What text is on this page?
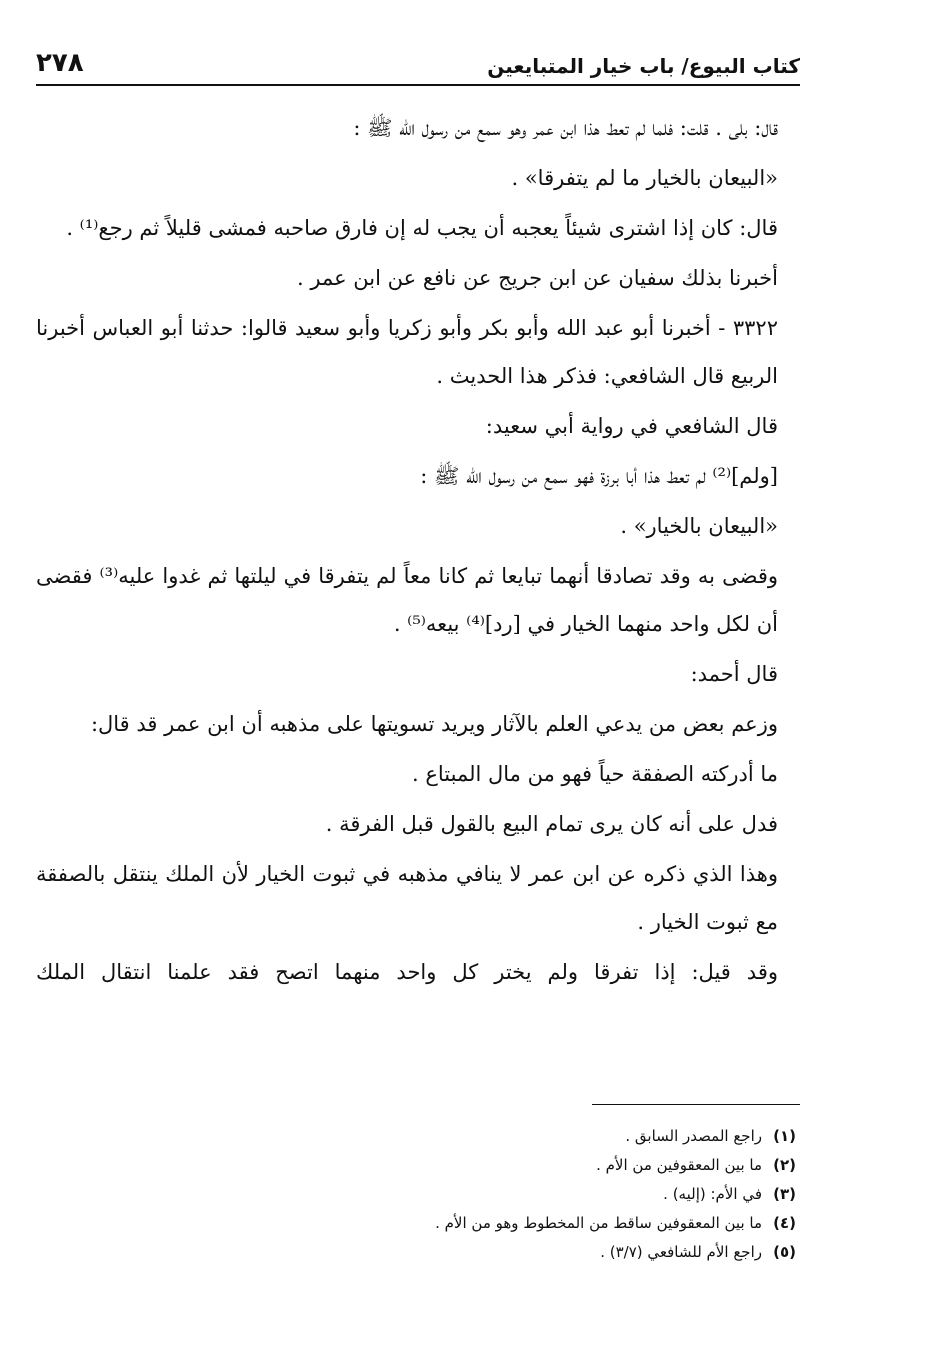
كتاب البيوع/ باب خيار المتبايعين
٢٧٨

قال: بلى . قلت: فلما لم تعط هذا ابن عمر وهو سمع من رسول الله ﷺ :

«البيعان بالخيار ما لم يتفرقا» .

قال: كان إذا اشترى شيئاً يعجبه أن يجب له إن فارق صاحبه فمشى قليلاً ثم رجع⁽¹⁾ .

أخبرنا بذلك سفيان عن ابن جريج عن نافع عن ابن عمر .

٣٣٢٢ - أخبرنا أبو عبد الله وأبو بكر وأبو زكريا وأبو سعيد قالوا: حدثنا أبو العباس أخبرنا الربيع قال الشافعي: فذكر هذا الحديث .

قال الشافعي في رواية أبي سعيد:

[ولم]⁽²⁾ لم تعط هذا أبا برزة فهو سمع من رسول الله ﷺ :

«البيعان بالخيار» .

وقضى به وقد تصادقا أنهما تبايعا ثم كانا معاً لم يتفرقا في ليلتها ثم غدوا عليه⁽³⁾ فقضى أن لكل واحد منهما الخيار في [رد]⁽⁴⁾ بيعه⁽⁵⁾ .

قال أحمد:

وزعم بعض من يدعي العلم بالآثار ويريد تسويتها على مذهبه أن ابن عمر قد قال:

ما أدركته الصفقة حياً فهو من مال المبتاع .

فدل على أنه كان يرى تمام البيع بالقول قبل الفرقة .

وهذا الذي ذكره عن ابن عمر لا ينافي مذهبه في ثبوت الخيار لأن الملك ينتقل بالصفقة مع ثبوت الخيار .

وقد قيل: إذا تفرقا ولم يختر كل واحد منهما اتصح فقد علمنا انتقال الملك

(١)
راجع المصدر السابق .
(٢)
ما بين المعقوفين من الأم .
(٣)
في الأم: (إليه) .
(٤)
ما بين المعقوفين ساقط من المخطوط وهو من الأم .
(٥)
راجع الأم للشافعي (٣/٧) .
